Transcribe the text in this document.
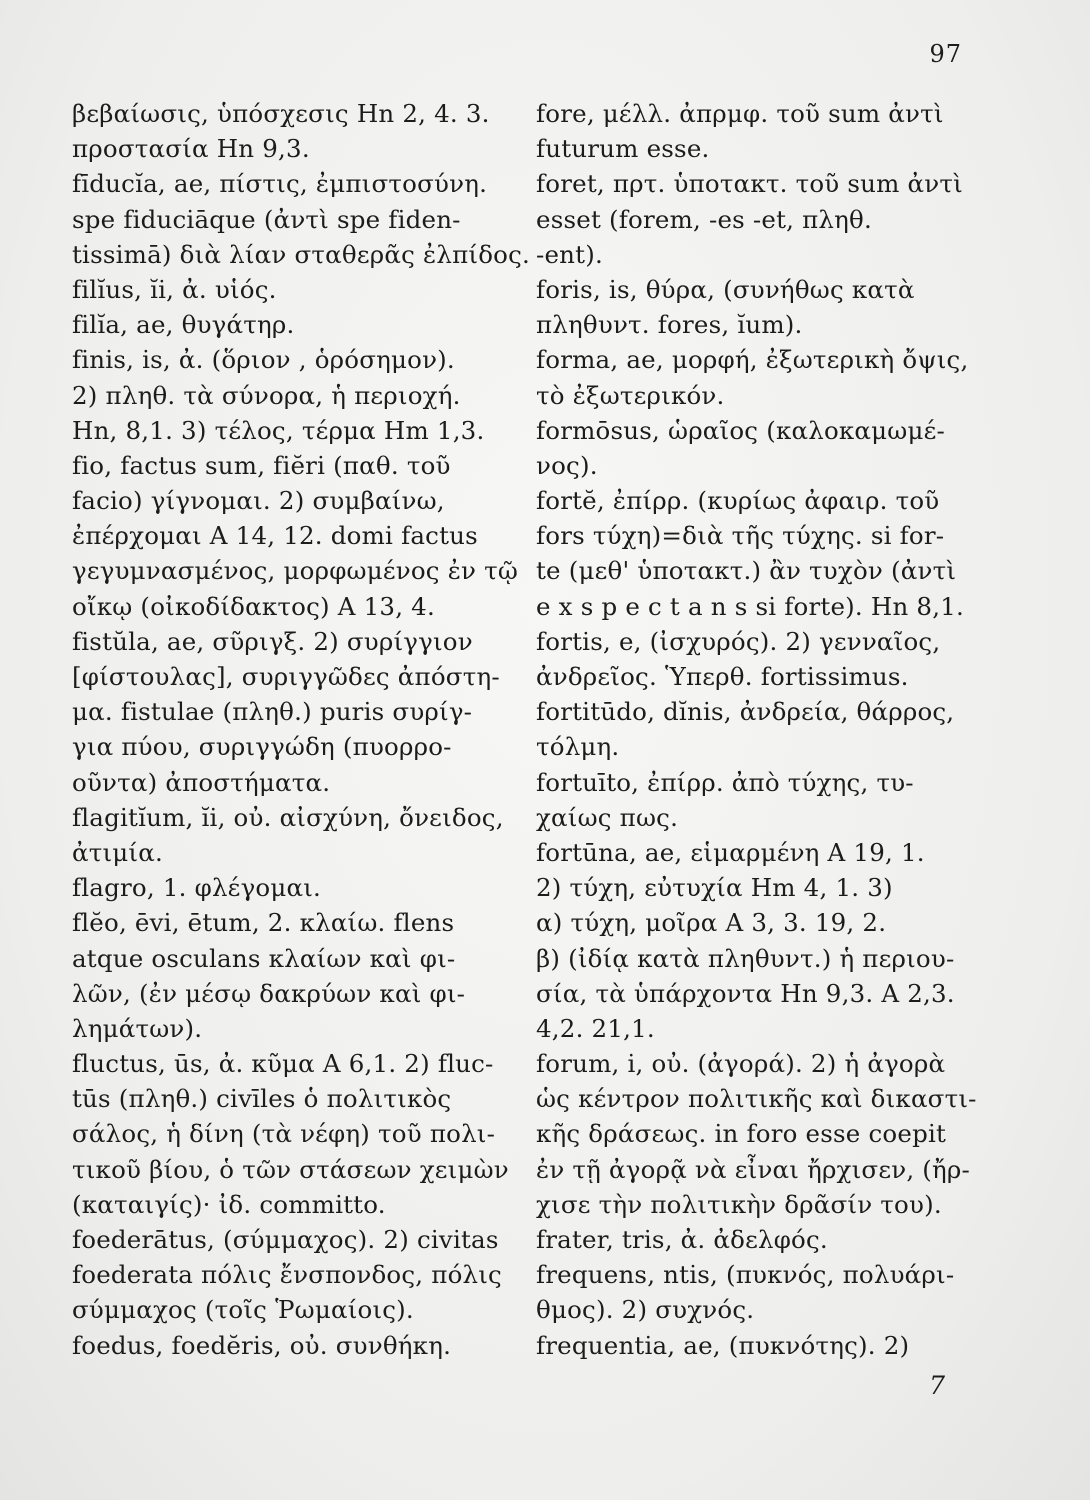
97
βεβαίωσις, ὑπόσχεσις Hn 2, 4. 3.
προστασία Hn 9,3.
fīducĭa, ae, πίστις, ἐμπιστοσύνη.
spe fiduciāque (ἀντὶ spe fiden-
tissimā) διὰ λίαν σταθερᾶς ἐλπίδος.
filĭus, ĭi, ἀ. υἱός.
filĭa, ae, θυγάτηρ.
finis, is, ἀ. (ὅριον , ὁρόσημον).
2) πληθ. τὰ σύνορα, ἡ περιοχή.
Hn, 8,1. 3) τέλος, τέρμα Hm 1,3.
fio, factus sum, fiĕri (παθ. τοῦ
facio) γίγνομαι. 2) συμβαίνω,
ἐπέρχομαι A 14, 12. domi factus
γεγυμνασμένος, μορφωμένος ἐν τῷ
οἴκῳ (οἰκοδίδακτος) A 13, 4.
fistŭla, ae, σῦριγξ. 2) συρίγγιον
[φίστουλας], συριγγῶδες ἀπόστη-
μα. fistulae (πληθ.) puris συρίγ-
για πύου, συριγγώδη (πυορρο-
οῦντα) ἀποστήματα.
flagitĭum, ĭi, οὐ. αἰσχύνη, ὄνειδος,
ἀτιμία.
flagro, 1. φλέγομαι.
flĕo, ēvi, ētum, 2. κλαίω. flens
atque osculans κλαίων καὶ φι-
λῶν, (ἐν μέσῳ δακρύων καὶ φι-
λημάτων).
fluctus, ūs, ἀ. κῦμα A 6,1. 2) fluc-
tūs (πληθ.) civīles ὁ πολιτικὸς
σάλος, ἡ δίνη (τὰ νέφη) τοῦ πολι-
τικοῦ βίου, ὁ τῶν στάσεων χειμὼν
(καταιγίς)· ἰδ. committo.
foederātus, (σύμμαχος). 2) civitas
foederata πόλις ἔνσπονδος, πόλις
σύμμαχος (τοῖς Ῥωμαίοις).
foedus, foedĕris, οὐ. συνθήκη.
fore, μέλλ. ἀπρμφ. τοῦ sum ἀντὶ
futurum esse.
foret, πρτ. ὑποτακτ. τοῦ sum ἀντὶ
esset (forem, -es -et, πληθ.
-ent).
foris, is, θύρα, (συνήθως κατὰ
πληθυντ. fores, ĭum).
forma, ae, μορφή, ἐξωτερικὴ ὄψις,
τὸ ἐξωτερικόν.
formōsus, ὡραῖος (καλοκαμωμέ-
νος).
fortĕ, ἐπίρρ. (κυρίως ἀφαιρ. τοῦ
fors τύχη)=διὰ τῆς τύχης. si for-
te (μεθ' ὑποτακτ.) ἂν τυχὸν (ἀντὶ
e x s p e c t a n s si forte). Hn 8,1.
fortis, e, (ἰσχυρός). 2) γενναῖος,
ἀνδρεῖος. Ὑπερθ. fortissimus.
fortitūdo, dĭnis, ἀνδρεία, θάρρος,
τόλμη.
fortuīto, ἐπίρρ. ἀπὸ τύχης, τυ-
χαίως πως.
fortūna, ae, εἱμαρμένη A 19, 1.
2) τύχη, εὐτυχία Hm 4, 1. 3)
α) τύχη, μοῖρα A 3, 3. 19, 2.
β) (ἰδίᾳ κατὰ πληθυντ.) ἡ περιου-
σία, τὰ ὑπάρχοντα Hn 9,3. A 2,3.
4,2. 21,1.
forum, i, οὐ. (ἀγορά). 2) ἡ ἀγορὰ
ὡς κέντρον πολιτικῆς καὶ δικαστι-
κῆς δράσεως. in foro esse coepit
ἐν τῇ ἀγορᾷ νὰ εἶναι ἤρχισεν, (ἤρ-
χισε τὴν πολιτικὴν δρᾶσίν του).
frater, tris, ἀ. ἀδελφός.
frequens, ntis, (πυκνός, πολυάρι-
θμος). 2) συχνός.
frequentia, ae, (πυκνότης). 2)
7
